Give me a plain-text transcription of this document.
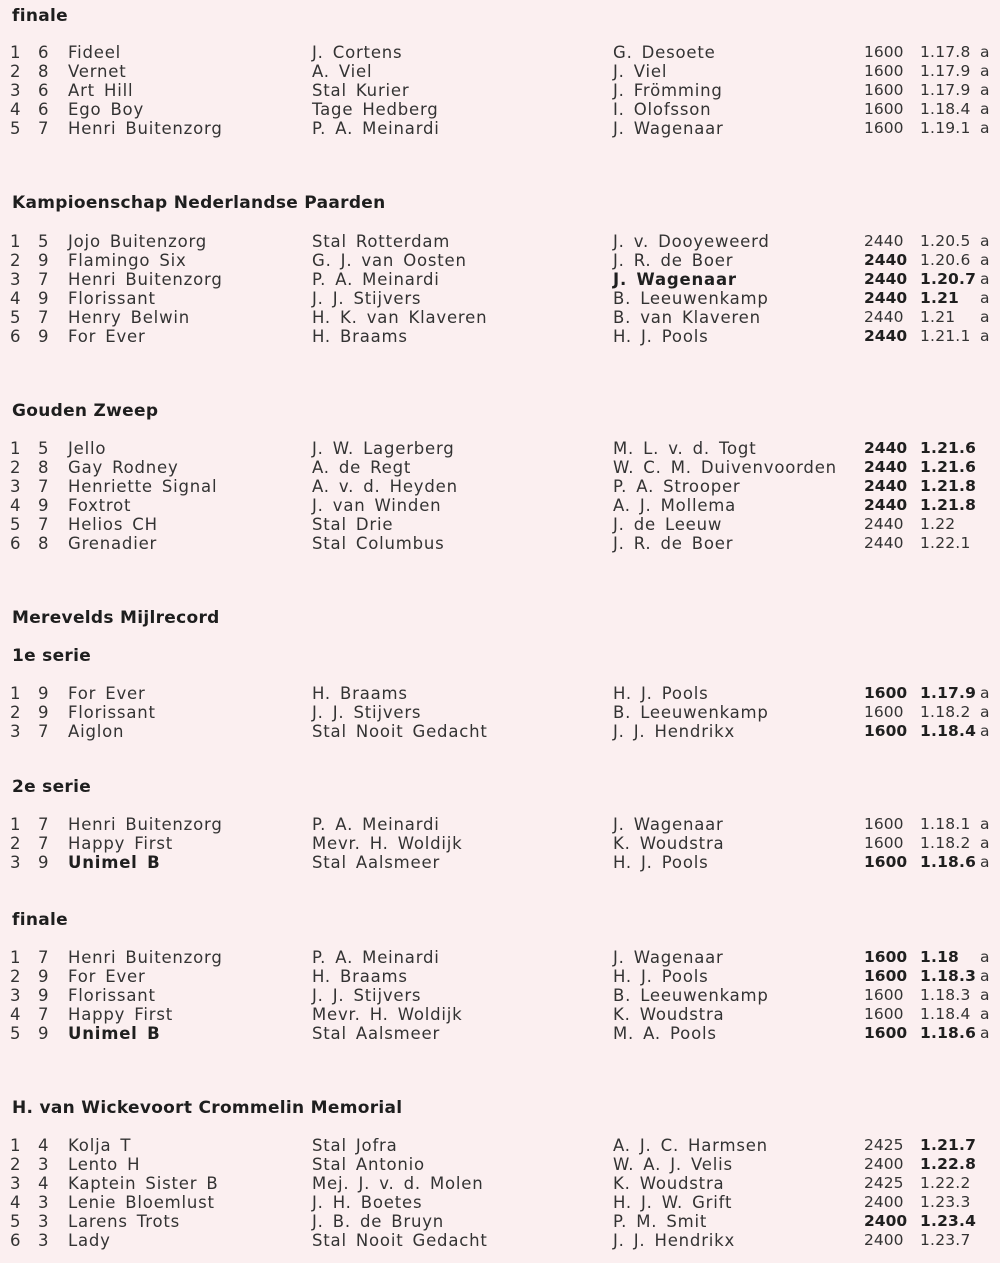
finale
1 6 Fideel	J. Cortens	G. Desoete	1600 1.17.8 a
2 8 Vernet	A. Viel	J. Viel	1600 1.17.9 a
3 6 Art Hill	Stal Kurier	J. Frömming	1600 1.17.9 a
4 6 Ego Boy	Tage Hedberg	I. Olofsson	1600 1.18.4 a
5 7 Henri Buitenzorg	P. A. Meinardi	J. Wagenaar	1600 1.19.1 a
Kampioenschap Nederlandse Paarden
1 5 Jojo Buitenzorg	Stal Rotterdam	J. v. Dooyeweerd	2440 1.20.5 a
2 9 Flamingo Six	G. J. van Oosten	J. R. de Boer	2440 1.20.6 a
3 7 Henri Buitenzorg	P. A. Meinardi	J. Wagenaar	2440 1.20.7 a
4 9 Florissant	J. J. Stijvers	B. Leeuwenkamp	2440 1.21 a
5 7 Henry Belwin	H. K. van Klaveren	B. van Klaveren	2440 1.21 a
6 9 For Ever	H. Braams	H. J. Pools	2440 1.21.1 a
Gouden Zweep
1 5 Jello	J. W. Lagerberg	M. L. v. d. Togt	2440 1.21.6
2 8 Gay Rodney	A. de Regt	W. C. M. Duivenvoorden 2440 1.21.6
3 7 Henriette Signal	A. v. d. Heyden	P. A. Strooper	2440 1.21.8
4 9 Foxtrot	J. van Winden	A. J. Mollema	2440 1.21.8
5 7 Helios CH	Stal Drie	J. de Leeuw	2440 1.22
6 8 Grenadier	Stal Columbus	J. R. de Boer	2440 1.22.1
Merevelds Mijlrecord
1e serie
1 9 For Ever	H. Braams	H. J. Pools	1600 1.17.9 a
2 9 Florissant	J. J. Stijvers	B. Leeuwenkamp	1600 1.18.2 a
3 7 Aiglon	Stal Nooit Gedacht	J. J. Hendrikx	1600 1.18.4 a
2e serie
1 7 Henri Buitenzorg	P. A. Meinardi	J. Wagenaar	1600 1.18.1 a
2 7 Happy First	Mevr. H. Woldijk	K. Woudstra	1600 1.18.2 a
3 9 Unimel B	Stal Aalsmeer	H. J. Pools	1600 1.18.6 a
finale
1 7 Henri Buitenzorg	P. A. Meinardi	J. Wagenaar	1600 1.18 a
2 9 For Ever	H. Braams	H. J. Pools	1600 1.18.3 a
3 9 Florissant	J. J. Stijvers	B. Leeuwenkamp	1600 1.18.3 a
4 7 Happy First	Mevr. H. Woldijk	K. Woudstra	1600 1.18.4 a
5 9 Unimel B	Stal Aalsmeer	M. A. Pools	1600 1.18.6 a
H. van Wickevoort Crommelin Memorial
1 4 Kolja T	Stal Jofra	A. J. C. Harmsen	2425 1.21.7
2 3 Lento H	Stal Antonio	W. A. J. Velis	2400 1.22.8
3 4 Kaptein Sister B	Mej. J. v. d. Molen	K. Woudstra	2425 1.22.2
4 3 Lenie Bloemlust	J. H. Boetes	H. J. W. Grift	2400 1.23.3
5 3 Larens Trots	J. B. de Bruyn	P. M. Smit	2400 1.23.4
6 3 Lady	Stal Nooit Gedacht	J. J. Hendrikx	2400 1.23.7
